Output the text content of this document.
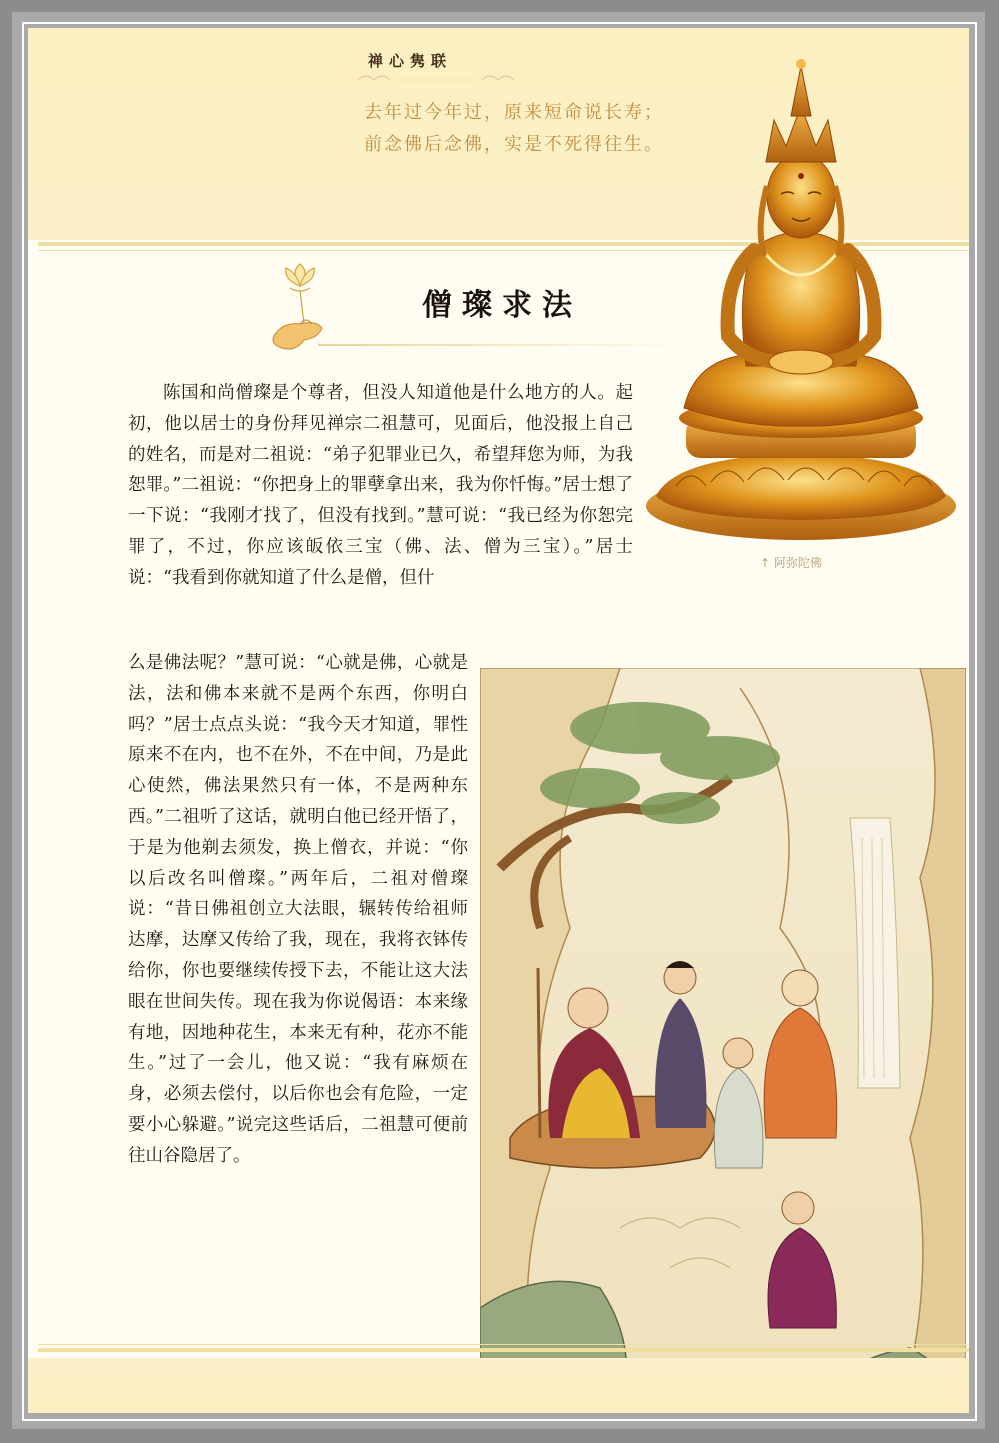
禅心隽联
去年过今年过，原来短命说长寿；
前念佛后念佛，实是不死得往生。
僧璨求法
↑ 阿弥陀佛

陈国和尚僧璨是个尊者，但没人知道他是什么地方的人。起初，他以居士的身份拜见禅宗二祖慧可，见面后，他没报上自己的姓名，而是对二祖说：“弟子犯罪业已久，希望拜您为师，为我恕罪。”二祖说：“你把身上的罪孽拿出来，我为你忏悔。”居士想了一下说：“我刚才找了，但没有找到。”慧可说：“我已经为你恕完罪了，不过，你应该皈依三宝（佛、法、僧为三宝）。”居士说：“我看到你就知道了什么是僧，但什

么是佛法呢？”慧可说：“心就是佛，心就是法，法和佛本来就不是两个东西，你明白吗？”居士点点头说：“我今天才知道，罪性原来不在内，也不在外，不在中间，乃是此心使然，佛法果然只有一体，不是两种东西。”二祖听了这话，就明白他已经开悟了，于是为他剃去须发，换上僧衣，并说：“你以后改名叫僧璨。”两年后，二祖对僧璨说：“昔日佛祖创立大法眼，辗转传给祖师达摩，达摩又传给了我，现在，我将衣钵传给你，你也要继续传授下去，不能让这大法眼在世间失传。现在我为你说偈语：本来缘有地，因地种花生，本来无有种，花亦不能生。”过了一会儿，他又说：“我有麻烦在身，必须去偿付，以后你也会有危险，一定要小心躲避。”说完这些话后，二祖慧可便前往山谷隐居了。
